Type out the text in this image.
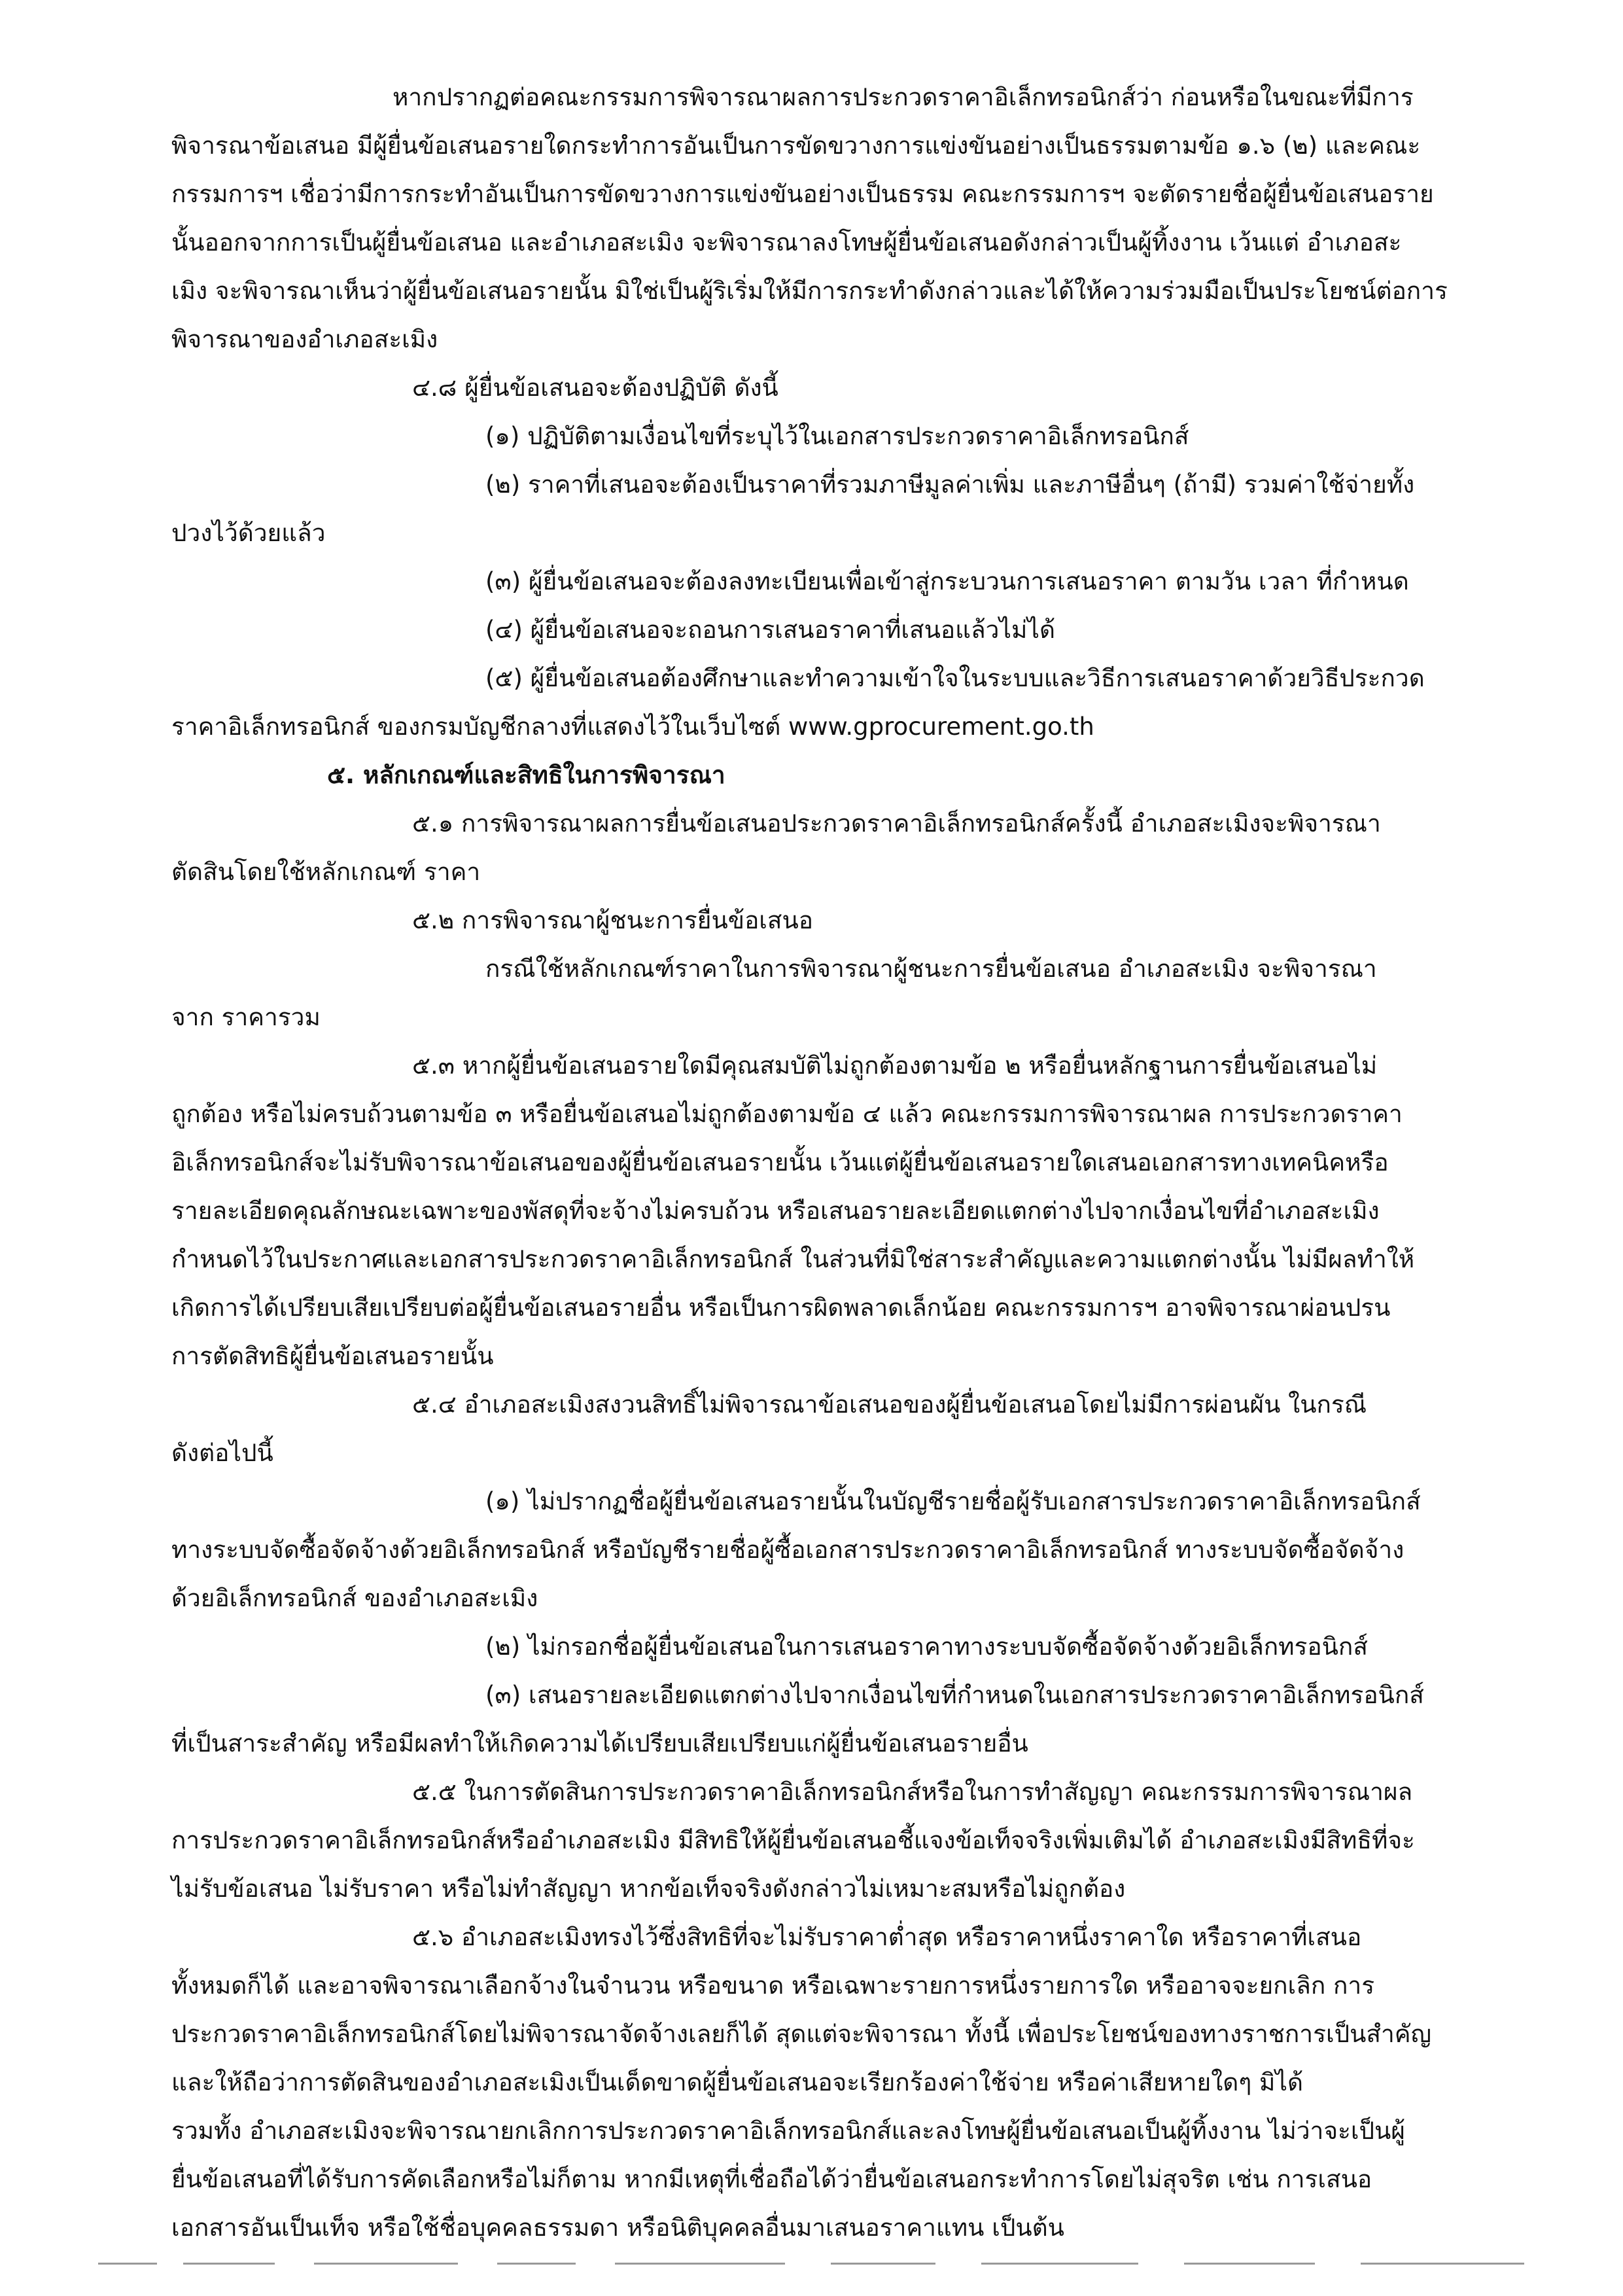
หากปรากฏต่อคณะกรรมการพิจารณาผลการประกวดราคาอิเล็กทรอนิกส์ว่า ก่อนหรือในขณะที่มีการ
พิจารณาข้อเสนอ มีผู้ยื่นข้อเสนอรายใดกระทำการอันเป็นการขัดขวางการแข่งขันอย่างเป็นธรรมตามข้อ ๑.๖ (๒) และคณะ
กรรมการฯ เชื่อว่ามีการกระทำอันเป็นการขัดขวางการแข่งขันอย่างเป็นธรรม คณะกรรมการฯ จะตัดรายชื่อผู้ยื่นข้อเสนอราย
นั้นออกจากการเป็นผู้ยื่นข้อเสนอ และอำเภอสะเมิง จะพิจารณาลงโทษผู้ยื่นข้อเสนอดังกล่าวเป็นผู้ทิ้งงาน เว้นแต่ อำเภอสะ
เมิง จะพิจารณาเห็นว่าผู้ยื่นข้อเสนอรายนั้น มิใช่เป็นผู้ริเริ่มให้มีการกระทำดังกล่าวและได้ให้ความร่วมมือเป็นประโยชน์ต่อการ
พิจารณาของอำเภอสะเมิง
๔.๘ ผู้ยื่นข้อเสนอจะต้องปฏิบัติ ดังนี้
(๑) ปฏิบัติตามเงื่อนไขที่ระบุไว้ในเอกสารประกวดราคาอิเล็กทรอนิกส์
(๒) ราคาที่เสนอจะต้องเป็นราคาที่รวมภาษีมูลค่าเพิ่ม และภาษีอื่นๆ (ถ้ามี) รวมค่าใช้จ่ายทั้ง
ปวงไว้ด้วยแล้ว
(๓) ผู้ยื่นข้อเสนอจะต้องลงทะเบียนเพื่อเข้าสู่กระบวนการเสนอราคา ตามวัน เวลา ที่กำหนด
(๔) ผู้ยื่นข้อเสนอจะถอนการเสนอราคาที่เสนอแล้วไม่ได้
(๕) ผู้ยื่นข้อเสนอต้องศึกษาและทำความเข้าใจในระบบและวิธีการเสนอราคาด้วยวิธีประกวด
ราคาอิเล็กทรอนิกส์ ของกรมบัญชีกลางที่แสดงไว้ในเว็บไซต์ www.gprocurement.go.th
๕. หลักเกณฑ์และสิทธิในการพิจารณา
๕.๑ การพิจารณาผลการยื่นข้อเสนอประกวดราคาอิเล็กทรอนิกส์ครั้งนี้ อำเภอสะเมิงจะพิจารณา
ตัดสินโดยใช้หลักเกณฑ์ ราคา
๕.๒ การพิจารณาผู้ชนะการยื่นข้อเสนอ
กรณีใช้หลักเกณฑ์ราคาในการพิจารณาผู้ชนะการยื่นข้อเสนอ อำเภอสะเมิง จะพิจารณา
จาก ราคารวม
๕.๓ หากผู้ยื่นข้อเสนอรายใดมีคุณสมบัติไม่ถูกต้องตามข้อ ๒ หรือยื่นหลักฐานการยื่นข้อเสนอไม่
ถูกต้อง หรือไม่ครบถ้วนตามข้อ ๓ หรือยื่นข้อเสนอไม่ถูกต้องตามข้อ ๔ แล้ว คณะกรรมการพิจารณาผล การประกวดราคา
อิเล็กทรอนิกส์จะไม่รับพิจารณาข้อเสนอของผู้ยื่นข้อเสนอรายนั้น เว้นแต่ผู้ยื่นข้อเสนอรายใดเสนอเอกสารทางเทคนิคหรือ
รายละเอียดคุณลักษณะเฉพาะของพัสดุที่จะจ้างไม่ครบถ้วน หรือเสนอรายละเอียดแตกต่างไปจากเงื่อนไขที่อำเภอสะเมิง
กำหนดไว้ในประกาศและเอกสารประกวดราคาอิเล็กทรอนิกส์ ในส่วนที่มิใช่สาระสำคัญและความแตกต่างนั้น ไม่มีผลทำให้
เกิดการได้เปรียบเสียเปรียบต่อผู้ยื่นข้อเสนอรายอื่น หรือเป็นการผิดพลาดเล็กน้อย คณะกรรมการฯ อาจพิจารณาผ่อนปรน
การตัดสิทธิผู้ยื่นข้อเสนอรายนั้น
๕.๔ อำเภอสะเมิงสงวนสิทธิ์ไม่พิจารณาข้อเสนอของผู้ยื่นข้อเสนอโดยไม่มีการผ่อนผัน ในกรณี
ดังต่อไปนี้
(๑) ไม่ปรากฏชื่อผู้ยื่นข้อเสนอรายนั้นในบัญชีรายชื่อผู้รับเอกสารประกวดราคาอิเล็กทรอนิกส์
ทางระบบจัดซื้อจัดจ้างด้วยอิเล็กทรอนิกส์ หรือบัญชีรายชื่อผู้ซื้อเอกสารประกวดราคาอิเล็กทรอนิกส์ ทางระบบจัดซื้อจัดจ้าง
ด้วยอิเล็กทรอนิกส์ ของอำเภอสะเมิง
(๒) ไม่กรอกชื่อผู้ยื่นข้อเสนอในการเสนอราคาทางระบบจัดซื้อจัดจ้างด้วยอิเล็กทรอนิกส์
(๓) เสนอรายละเอียดแตกต่างไปจากเงื่อนไขที่กำหนดในเอกสารประกวดราคาอิเล็กทรอนิกส์
ที่เป็นสาระสำคัญ หรือมีผลทำให้เกิดความได้เปรียบเสียเปรียบแก่ผู้ยื่นข้อเสนอรายอื่น
๕.๕ ในการตัดสินการประกวดราคาอิเล็กทรอนิกส์หรือในการทำสัญญา คณะกรรมการพิจารณาผล
การประกวดราคาอิเล็กทรอนิกส์หรืออำเภอสะเมิง มีสิทธิให้ผู้ยื่นข้อเสนอชี้แจงข้อเท็จจริงเพิ่มเติมได้ อำเภอสะเมิงมีสิทธิที่จะ
ไม่รับข้อเสนอ ไม่รับราคา หรือไม่ทำสัญญา หากข้อเท็จจริงดังกล่าวไม่เหมาะสมหรือไม่ถูกต้อง
๕.๖ อำเภอสะเมิงทรงไว้ซึ่งสิทธิที่จะไม่รับราคาต่ำสุด หรือราคาหนึ่งราคาใด หรือราคาที่เสนอ
ทั้งหมดก็ได้ และอาจพิจารณาเลือกจ้างในจำนวน หรือขนาด หรือเฉพาะรายการหนึ่งรายการใด หรืออาจจะยกเลิก การ
ประกวดราคาอิเล็กทรอนิกส์โดยไม่พิจารณาจัดจ้างเลยก็ได้ สุดแต่จะพิจารณา ทั้งนี้ เพื่อประโยชน์ของทางราชการเป็นสำคัญ
และให้ถือว่าการตัดสินของอำเภอสะเมิงเป็นเด็ดขาดผู้ยื่นข้อเสนอจะเรียกร้องค่าใช้จ่าย หรือค่าเสียหายใดๆ มิได้
รวมทั้ง อำเภอสะเมิงจะพิจารณายกเลิกการประกวดราคาอิเล็กทรอนิกส์และลงโทษผู้ยื่นข้อเสนอเป็นผู้ทิ้งงาน ไม่ว่าจะเป็นผู้
ยื่นข้อเสนอที่ได้รับการคัดเลือกหรือไม่ก็ตาม หากมีเหตุที่เชื่อถือได้ว่ายื่นข้อเสนอกระทำการโดยไม่สุจริต เช่น การเสนอ
เอกสารอันเป็นเท็จ หรือใช้ชื่อบุคคลธรรมดา หรือนิติบุคคลอื่นมาเสนอราคาแทน เป็นต้น
